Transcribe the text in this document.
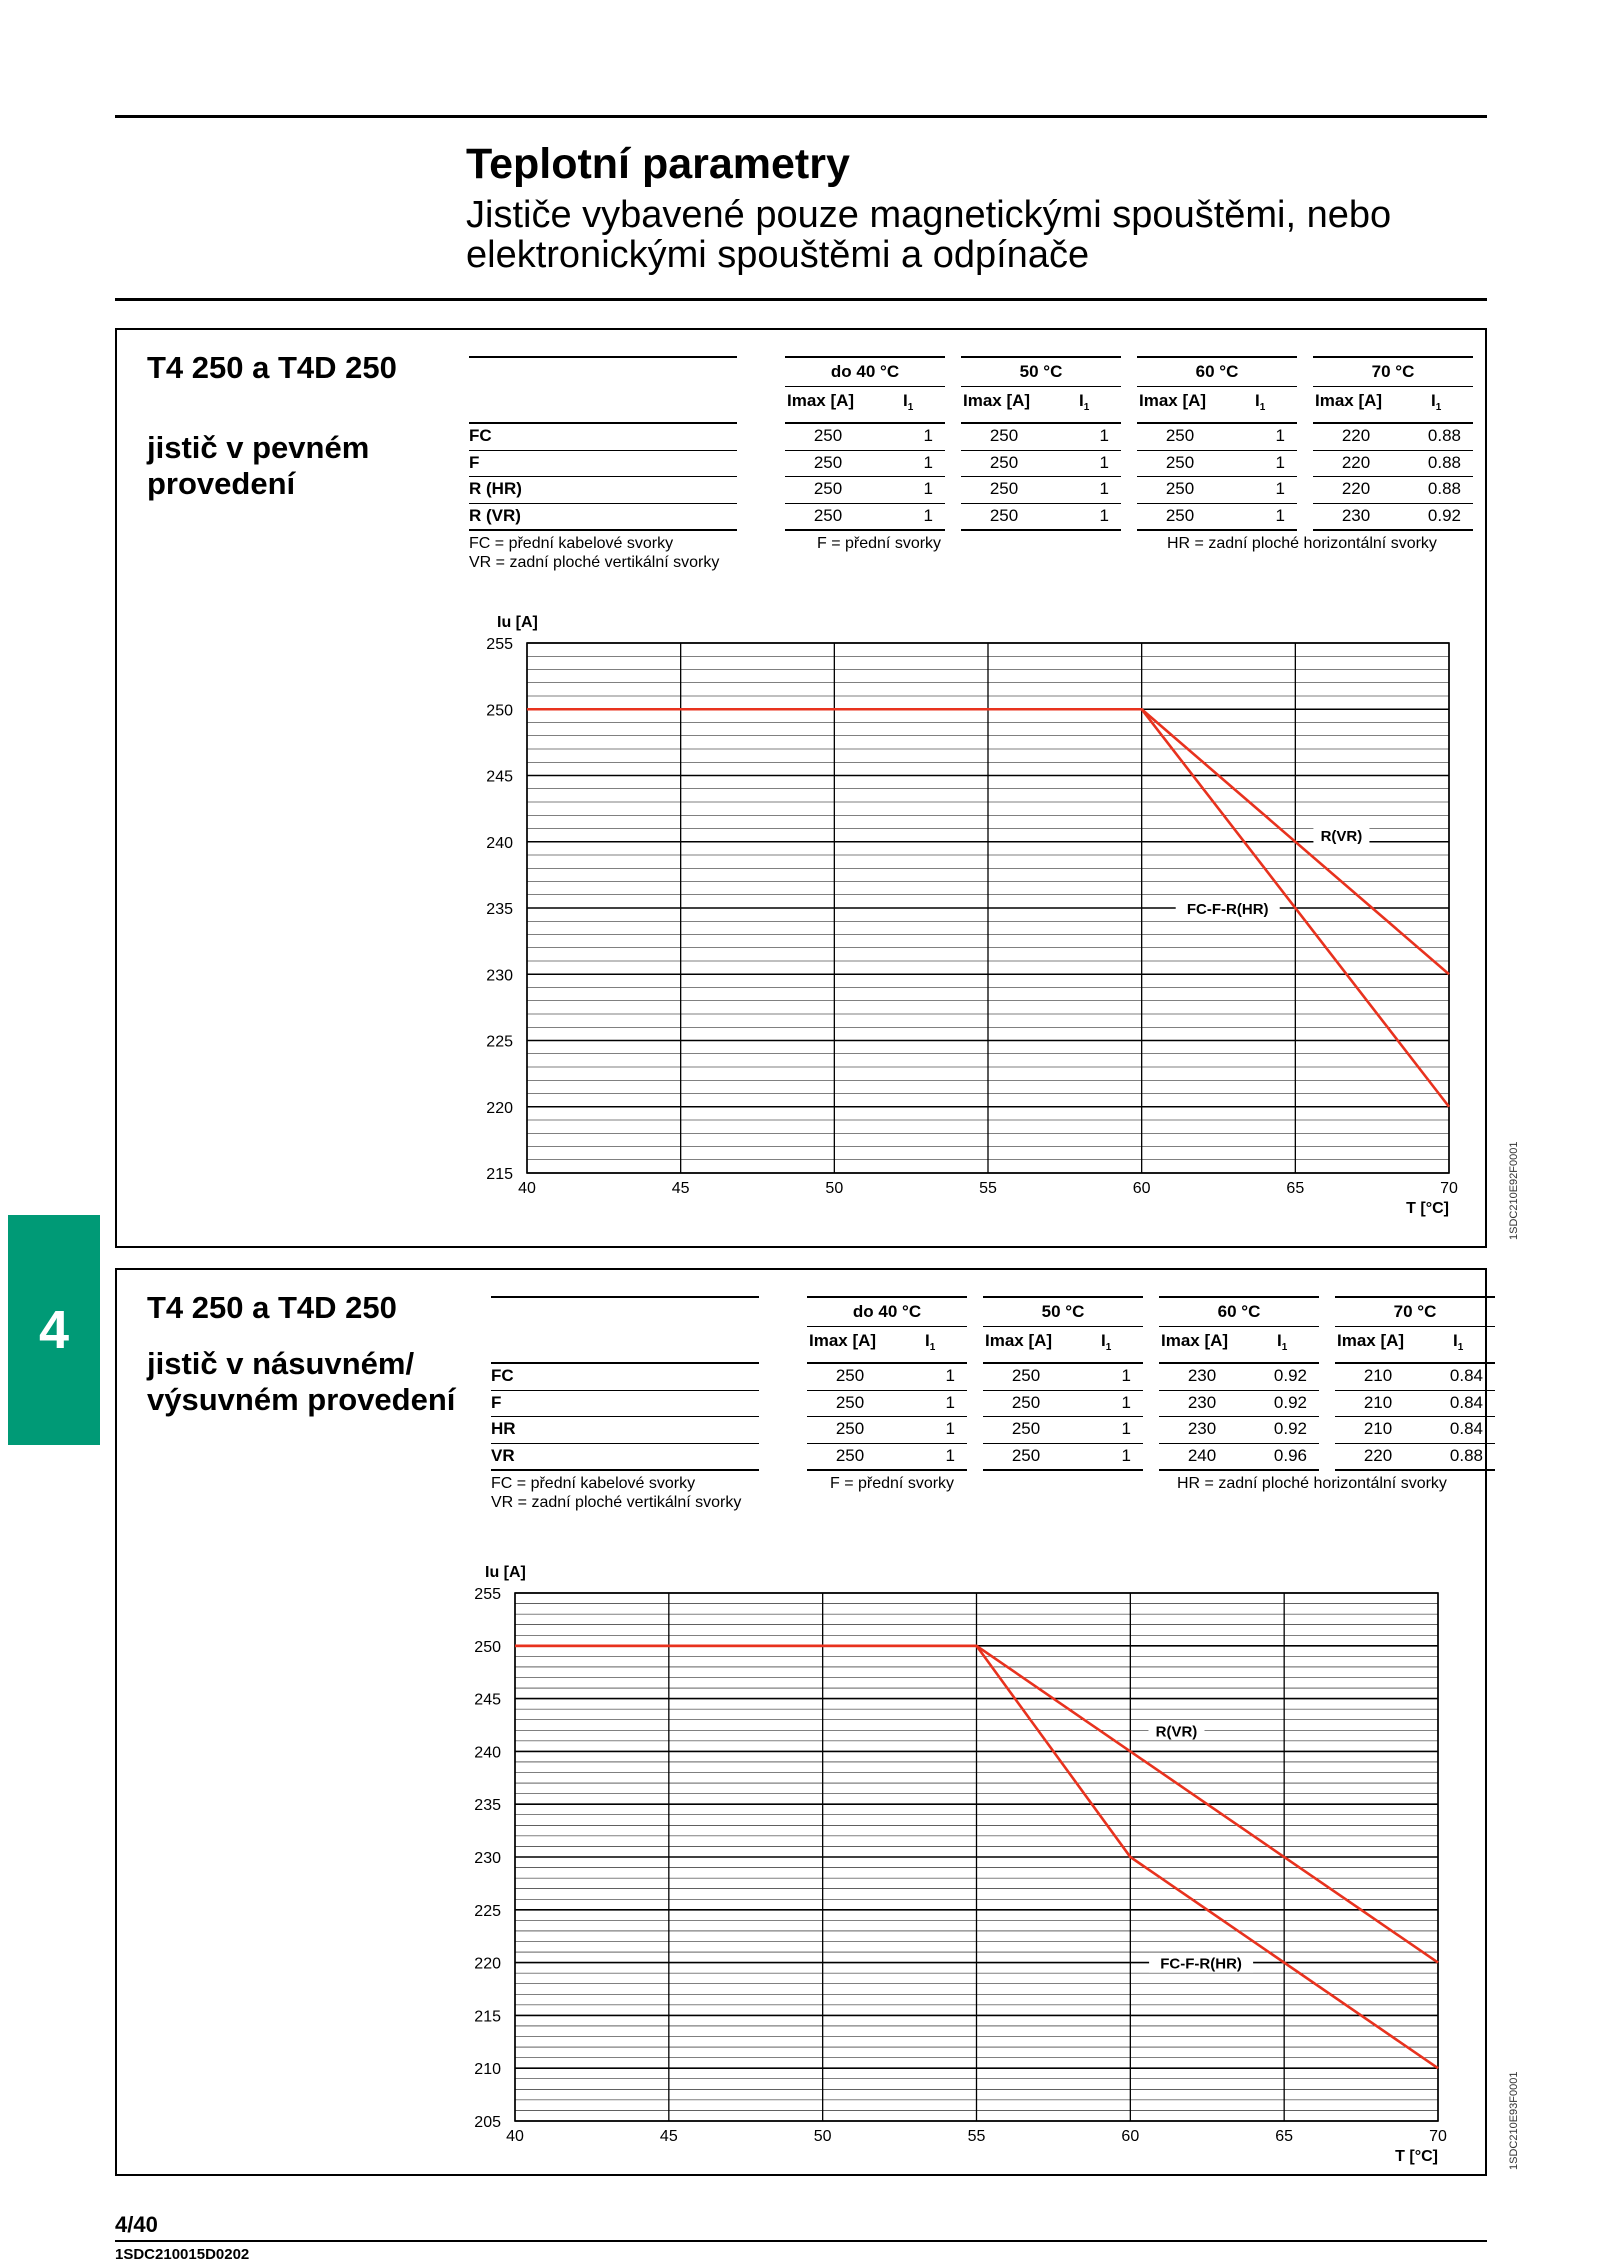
Teplotní parametry

Jističe vybavené pouze magnetickými spouštěmi, nebo elektronickými spouštěmi a odpínače

4
T4 250 a T4D 250
jistič v pevném provedení
do 40 °C
Imax [A]	$I_1$
50 °C
Imax [A]	$I_1$
60 °C
Imax [A]	$I_1$
70 °C
Imax [A]	$I_1$
FC	250	1	250	1	250	1	220	0.88
F	250	1	250	1	250	1	220	0.88
R (HR)	250	1	250	1	250	1	220	0.88
R (VR)	250	1	250	1	250	1	230	0.92
FC = přední kabelové svorky
VR = zadní ploché vertikální svorky
F = přední svorky	HR = zadní ploché horizontální svorky
215
220
225
230
235
240
245
250
255
40	45	50	55	60	65	70
Iu [A]
T [°C]
R(VR)
FC-F-R(HR)
1SDC210E92F0001
T4 250 a T4D 250
jistič v násuvném/ výsuvném provedení
do 40 °C
Imax [A]	$I_1$
50 °C
Imax [A]	$I_1$
60 °C
Imax [A]	$I_1$
70 °C
Imax [A]	$I_1$
FC	250	1	250	1	230	0.92	210	0.84
F	250	1	250	1	230	0.92	210	0.84
HR	250	1	250	1	230	0.92	210	0.84
VR	250	1	250	1	240	0.96	220	0.88
FC = přední kabelové svorky
VR = zadní ploché vertikální svorky
F = přední svorky	HR = zadní ploché horizontální svorky
205
210
215
220
225
230
235
240
245
250
255
40	45	50	55	60	65	70
Iu [A]
T [°C]
R(VR)
FC-F-R(HR)
1SDC210E93F0001
4/40
1SDC210015D0202
